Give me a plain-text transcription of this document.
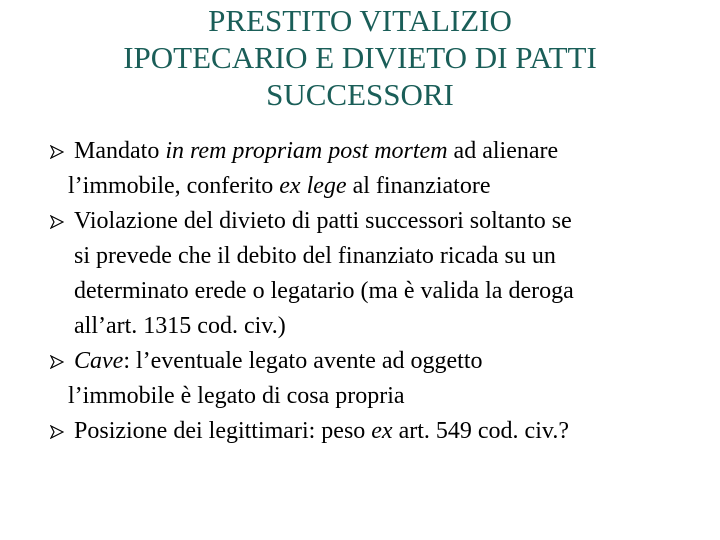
PRESTITO VITALIZIO
IPOTECARIO E DIVIETO DI PATTI
SUCCESSORI
Mandato in rem propriam post mortem ad alienare
l’immobile, conferito ex lege al finanziatore
Violazione del divieto di patti successori soltanto se
si prevede che il debito del finanziato ricada su un
determinato erede o legatario (ma è valida la deroga
all’art. 1315 cod. civ.)
Cave: l’eventuale legato avente ad oggetto
l’immobile è legato di cosa propria
Posizione dei legittimari: peso ex art. 549 cod. civ.?
